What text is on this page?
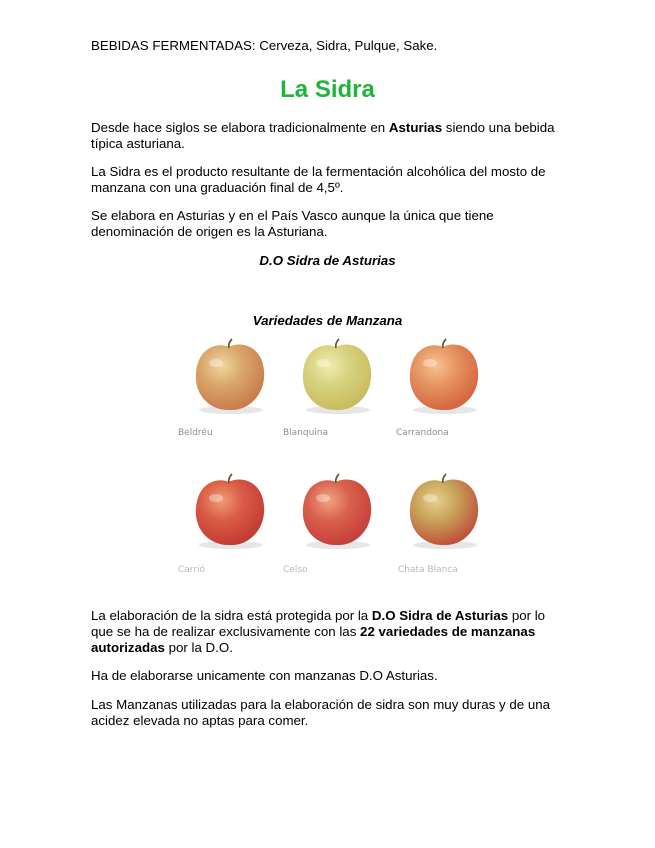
BEBIDAS FERMENTADAS: Cerveza, Sidra, Pulque, Sake.
La Sidra

Desde hace siglos se elabora tradicionalmente en Asturias siendo una bebida típica asturiana.

La Sidra es el producto resultante de la fermentación alcohólica del mosto de manzana con una graduación final de 4,5º.

Se elabora en Asturias y en el País Vasco aunque la única que tiene denominación de origen es la Asturiana.

D.O Sidra de Asturias
Variedades de Manzana
Beldréu	Blanquina	Carrandona
Carrió	Celso	Chata Blanca

La elaboración de la sidra está protegida por la D.O Sidra de Asturias por lo que se ha de realizar exclusivamente con las 22 variedades de manzanas autorizadas por la D.O.

Ha de elaborarse unicamente con manzanas D.O Asturias.

Las Manzanas utilizadas para la elaboración de sidra son muy duras y de una acidez elevada no aptas para comer.
